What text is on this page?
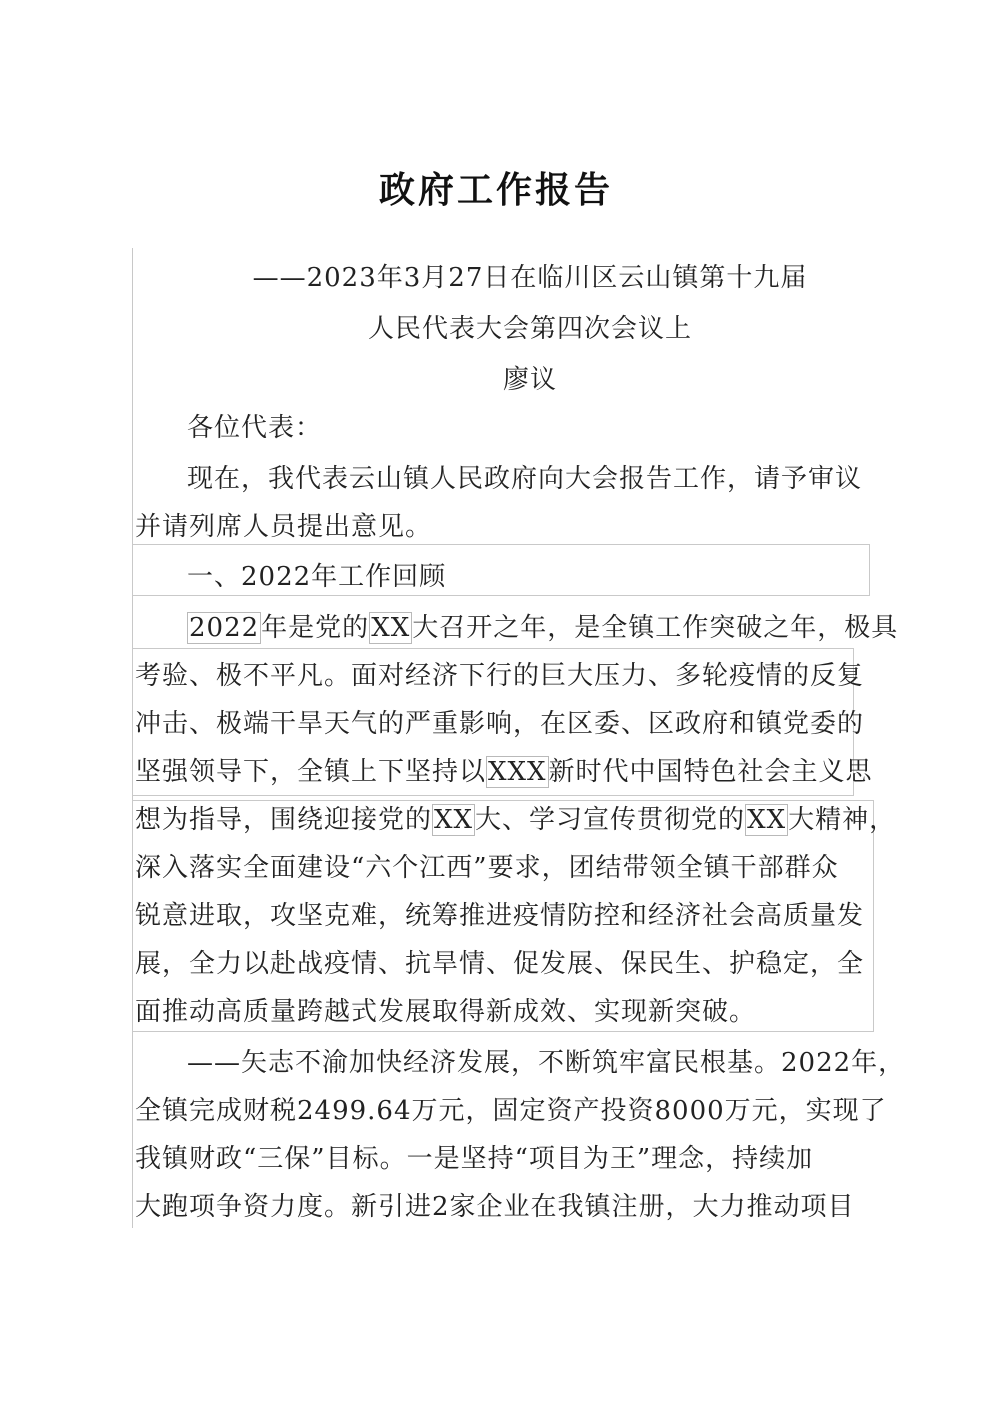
政府工作报告
——2023年3月27日在临川区云山镇第十九届
人民代表大会第四次会议上
廖议
各位代表：
现在，我代表云山镇人民政府向大会报告工作，请予审议
并请列席人员提出意见。
一、2022年工作回顾
2022年是党的XX大召开之年，是全镇工作突破之年，极具
考验、极不平凡。面对经济下行的巨大压力、多轮疫情的反复
冲击、极端干旱天气的严重影响，在区委、区政府和镇党委的
坚强领导下，全镇上下坚持以XXX新时代中国特色社会主义思
想为指导，围绕迎接党的XX大、学习宣传贯彻党的XX大精神，
深入落实全面建设“六个江西”要求，团结带领全镇干部群众
锐意进取，攻坚克难，统筹推进疫情防控和经济社会高质量发
展，全力以赴战疫情、抗旱情、促发展、保民生、护稳定，全
面推动高质量跨越式发展取得新成效、实现新突破。
——矢志不渝加快经济发展，不断筑牢富民根基。2022年，
全镇完成财税2499.64万元，固定资产投资8000万元，实现了
我镇财政“三保”目标。一是坚持“项目为王”理念，持续加
大跑项争资力度。新引进2家企业在我镇注册，大力推动项目
